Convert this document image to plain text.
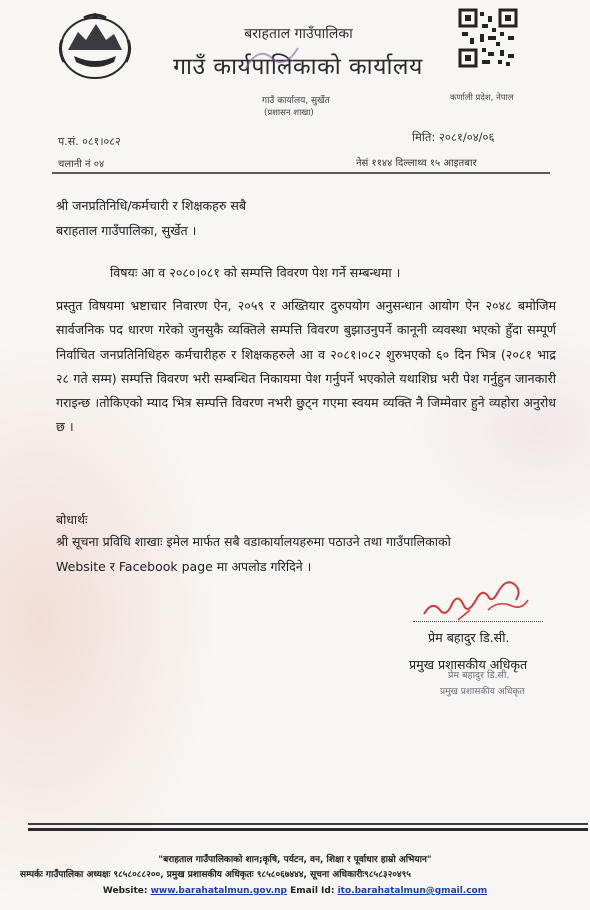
बराहताल गाउँपालिका
गाउँ कार्यपालिकाको कार्यालय
गाउँ कार्यालय, सुर्खेत
(प्रशासन शाखा)
कर्णाली प्रदेश, नेपाल
प.सं. ०८१।०८२
चलानी नं ०४
मिति: २०८१/०४/०६
नेसं ११४४ दिल्लाथ्व १५ आइतबार
श्री जनप्रतिनिधि/कर्मचारी र शिक्षकहरु सबै
बराहताल गाउँपालिका, सुर्खेत ।
विषयः आ व २०८०।०८१ को सम्पत्ति विवरण पेश गर्ने सम्बन्धमा ।
प्रस्तुत विषयमा भ्रष्टाचार निवारण ऐन, २०५९ र अख्तियार दुरुपयोग अनुसन्धान आयोग ऐन २०४८ बमोजिम सार्वजनिक पद धारण गरेको जुनसुकै व्यक्तिले सम्पत्ति विवरण बुझाउनुपर्ने कानूनी व्यवस्था भएको हुँदा सम्पूर्ण निर्वाचित जनप्रतिनिधिहरु कर्मचारीहरु र शिक्षकहरुले आ व २०८१।०८२ शुरुभएको ६० दिन भित्र (२०८१ भाद्र २८ गते सम्म) सम्पत्ति विवरण भरी सम्बन्धित निकायमा पेश गर्नुपर्ने भएकोले यथाशिघ्र भरी पेश गर्नुहुन जानकारी गराइन्छ ।तोकिएको म्याद भित्र सम्पत्ति विवरण नभरी छुट्न गएमा स्वयम व्यक्ति नै जिम्मेवार हुने व्यहोरा अनुरोध छ ।
बोधार्थः
श्री सूचना प्रविधि शाखाः इमेल मार्फत सबै वडाकार्यालयहरुमा पठाउने तथा गाउँपालिकाको
Website र Facebook page मा अपलोड गरिदिने ।
प्रेम बहादुर डि.सी.
प्रमुख प्रशासकीय अधिकृत
प्रेम बहादुर डि.सी.
प्रमुख प्रशासकीय अधिकृत
"बराहताल गाउँपालिकाको शान;कृषि, पर्यटन, वन, शिक्षा र पूर्वाधार हाम्रो अभियान"
सम्पर्कः गाउँपालिका अध्यक्षः ९८५८०८८२००, प्रमुख प्रशासकीय अधिकृतः ९८५८०६७४४४, सूचना अधिकारीः९८५८३२०४९५
Website: www.barahatalmun.gov.np Email Id: ito.barahatalmun@gmail.com
